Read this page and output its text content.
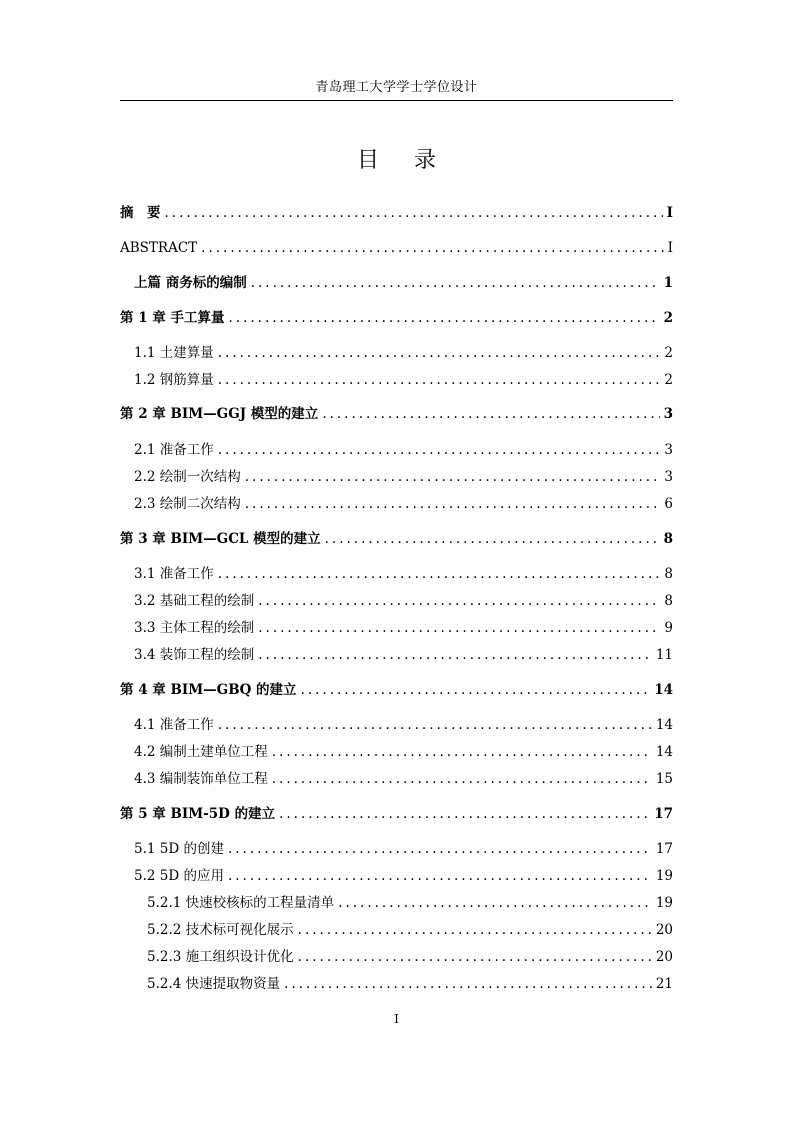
青岛理工大学学士学位设计
目 录
摘　要 .....	I
ABSTRACT .....	I
上篇 商务标的编制 .....	1
第 1 章 手工算量 .....	2
1.1 土建算量 .....	2
1.2 钢筋算量 .....	2
第 2 章 BIM—GGJ 模型的建立 .....	3
2.1 准备工作 .....	3
2.2 绘制一次结构 .....	3
2.3 绘制二次结构 .....	6
第 3 章 BIM—GCL 模型的建立 .....	8
3.1 准备工作 .....	8
3.2 基础工程的绘制 .....	8
3.3 主体工程的绘制 .....	9
3.4 装饰工程的绘制 .....	11
第 4 章 BIM—GBQ 的建立 .....	14
4.1 准备工作 .....	14
4.2 编制土建单位工程 .....	14
4.3 编制装饰单位工程 .....	15
第 5 章 BIM-5D 的建立 .....	17
5.1 5D 的创建 .....	17
5.2 5D 的应用 .....	19
5.2.1 快速校核标的工程量清单 .....	19
5.2.2 技术标可视化展示 .....	20
5.2.3 施工组织设计优化 .....	20
5.2.4 快速提取物资量 .....	21
I
